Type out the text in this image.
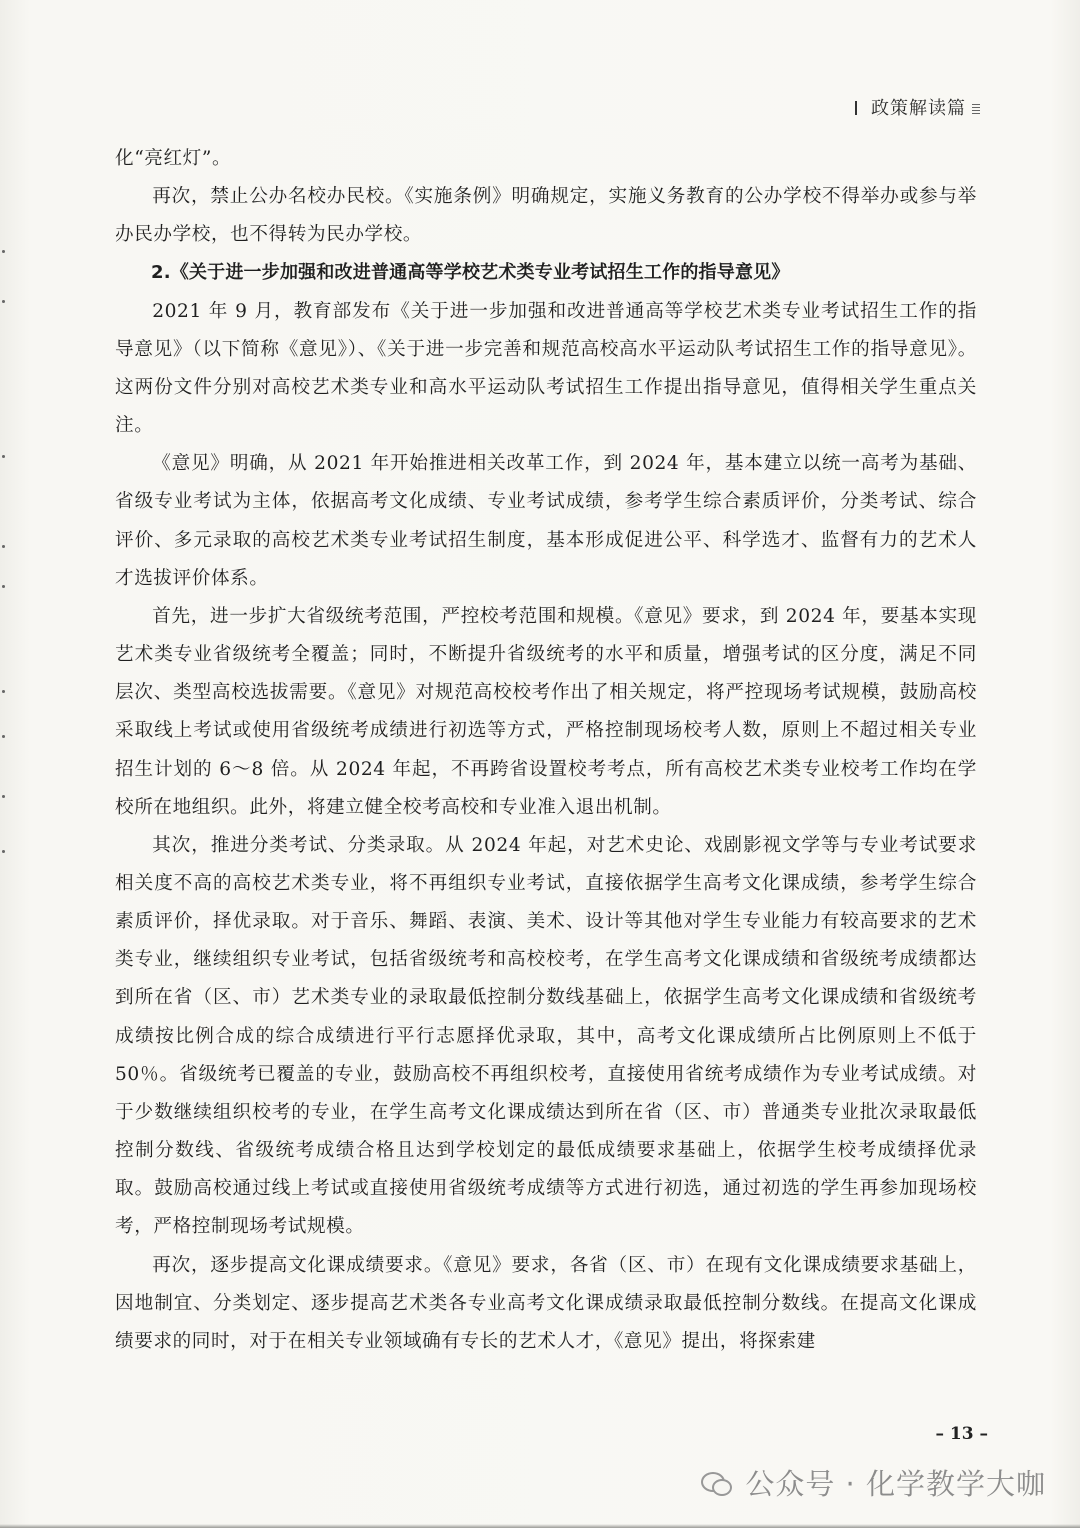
政策解读篇

化“亮红灯”。

再次，禁止公办名校办民校。《实施条例》明确规定，实施义务教育的公办学校不得举办或参与举办民办学校，也不得转为民办学校。

2.《关于进一步加强和改进普通高等学校艺术类专业考试招生工作的指导意见》

2021 年 9 月，教育部发布《关于进一步加强和改进普通高等学校艺术类专业考试招生工作的指导意见》（以下简称《意见》）、《关于进一步完善和规范高校高水平运动队考试招生工作的指导意见》。这两份文件分别对高校艺术类专业和高水平运动队考试招生工作提出指导意见，值得相关学生重点关注。

《意见》明确，从 2021 年开始推进相关改革工作，到 2024 年，基本建立以统一高考为基础、省级专业考试为主体，依据高考文化成绩、专业考试成绩，参考学生综合素质评价，分类考试、综合评价、多元录取的高校艺术类专业考试招生制度，基本形成促进公平、科学选才、监督有力的艺术人才选拔评价体系。

首先，进一步扩大省级统考范围，严控校考范围和规模。《意见》要求，到 2024 年，要基本实现艺术类专业省级统考全覆盖；同时，不断提升省级统考的水平和质量，增强考试的区分度，满足不同层次、类型高校选拔需要。《意见》对规范高校校考作出了相关规定，将严控现场考试规模，鼓励高校采取线上考试或使用省级统考成绩进行初选等方式，严格控制现场校考人数，原则上不超过相关专业招生计划的 6～8 倍。从 2024 年起，不再跨省设置校考考点，所有高校艺术类专业校考工作均在学校所在地组织。此外，将建立健全校考高校和专业准入退出机制。

其次，推进分类考试、分类录取。从 2024 年起，对艺术史论、戏剧影视文学等与专业考试要求相关度不高的高校艺术类专业，将不再组织专业考试，直接依据学生高考文化课成绩，参考学生综合素质评价，择优录取。对于音乐、舞蹈、表演、美术、设计等其他对学生专业能力有较高要求的艺术类专业，继续组织专业考试，包括省级统考和高校校考，在学生高考文化课成绩和省级统考成绩都达到所在省（区、市）艺术类专业的录取最低控制分数线基础上，依据学生高考文化课成绩和省级统考成绩按比例合成的综合成绩进行平行志愿择优录取，其中，高考文化课成绩所占比例原则上不低于 50％。省级统考已覆盖的专业，鼓励高校不再组织校考，直接使用省统考成绩作为专业考试成绩。对于少数继续组织校考的专业，在学生高考文化课成绩达到所在省（区、市）普通类专业批次录取最低控制分数线、省级统考成绩合格且达到学校划定的最低成绩要求基础上，依据学生校考成绩择优录取。鼓励高校通过线上考试或直接使用省级统考成绩等方式进行初选，通过初选的学生再参加现场校考，严格控制现场考试规模。

再次，逐步提高文化课成绩要求。《意见》要求，各省（区、市）在现有文化课成绩要求基础上，因地制宜、分类划定、逐步提高艺术类各专业高考文化课成绩录取最低控制分数线。在提高文化课成绩要求的同时，对于在相关专业领域确有专长的艺术人才，《意见》提出，将探索建

– 13 –
公众号 · 化学教学大咖
